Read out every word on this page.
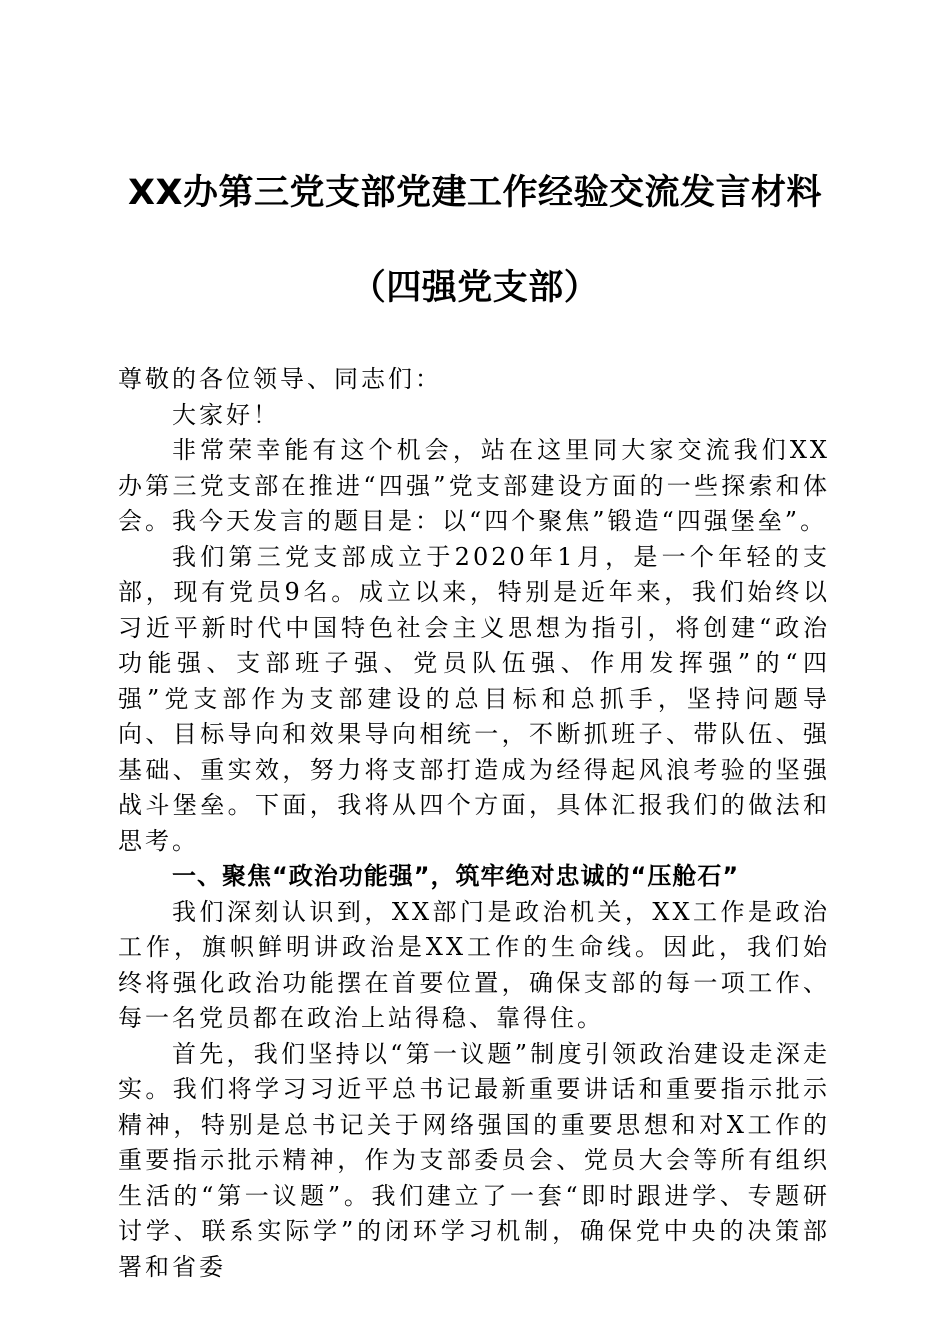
XX办第三党支部党建工作经验交流发言材料
（四强党支部）

尊敬的各位领导、同志们：

大家好！

非常荣幸能有这个机会，站在这里同大家交流我们XX办第三党支部在推进“四强”党支部建设方面的一些探索和体会。我今天发言的题目是：以“四个聚焦”锻造“四强堡垒”。

我们第三党支部成立于2020年1月，是一个年轻的支部，现有党员9名。成立以来，特别是近年来，我们始终以习近平新时代中国特色社会主义思想为指引，将创建“政治功能强、支部班子强、党员队伍强、作用发挥强”的“四强”党支部作为支部建设的总目标和总抓手，坚持问题导向、目标导向和效果导向相统一，不断抓班子、带队伍、强基础、重实效，努力将支部打造成为经得起风浪考验的坚强战斗堡垒。下面，我将从四个方面，具体汇报我们的做法和思考。

一、聚焦“政治功能强”，筑牢绝对忠诚的“压舱石”

我们深刻认识到，XX部门是政治机关，XX工作是政治工作，旗帜鲜明讲政治是XX工作的生命线。因此，我们始终将强化政治功能摆在首要位置，确保支部的每一项工作、每一名党员都在政治上站得稳、靠得住。

首先，我们坚持以“第一议题”制度引领政治建设走深走实。我们将学习习近平总书记最新重要讲话和重要指示批示精神，特别是总书记关于网络强国的重要思想和对X工作的重要指示批示精神，作为支部委员会、党员大会等所有组织生活的“第一议题”。我们建立了一套“即时跟进学、专题研讨学、联系实际学”的闭环学习机制，确保党中央的决策部署和省委
